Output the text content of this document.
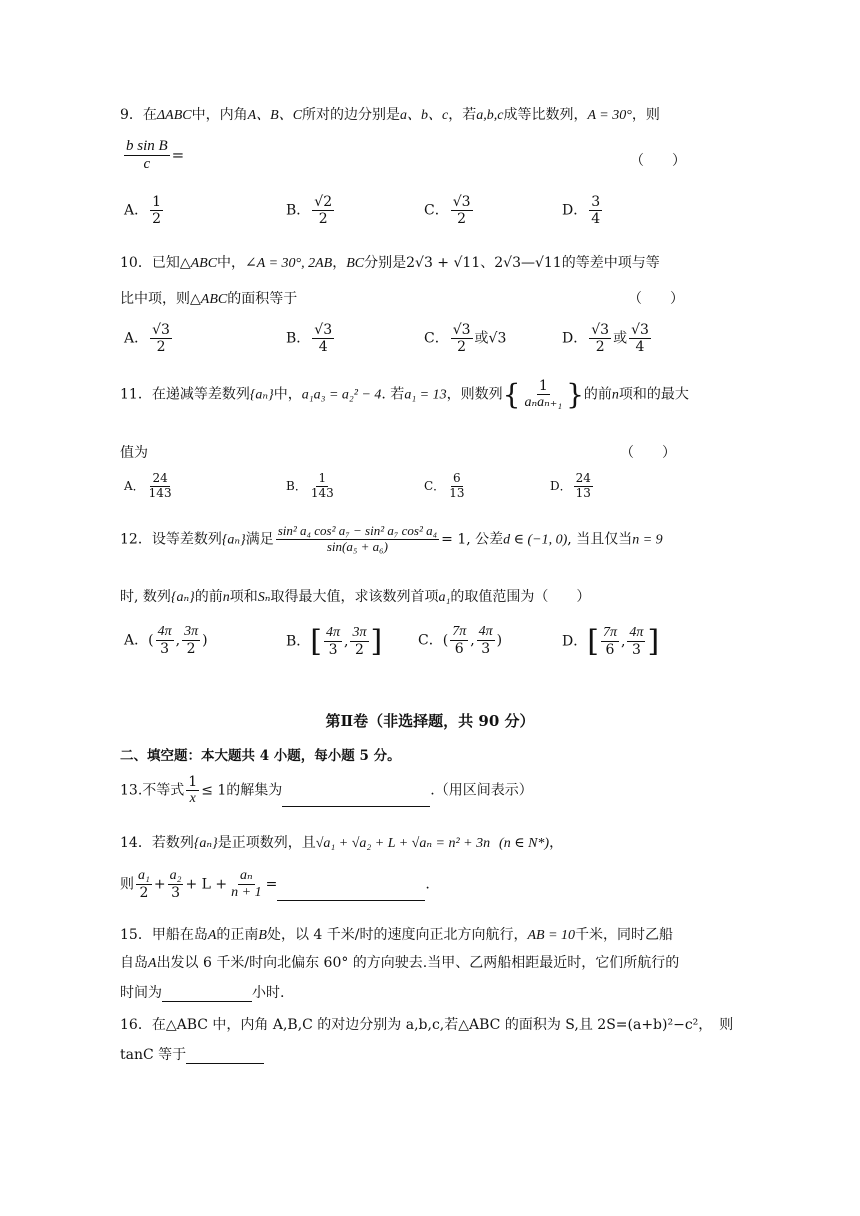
9．在ΔABC中，内角A、B、C所对的边分别是a、b、c，若a,b,c成等比数列，A = 30°，则
$\frac{\text{b sin B}}{c}$ =	（　　）
A． $\frac{1}{2}$	B． $\frac{√2}{2}$	C． $\frac{√3}{2}$	D． $\frac{3}{4}$
10．已知△ABC中，∠A = 30°, 2AB，BC分别是2√3 + √11、2√3—√11的等差中项与等
比中项，则△ABC的面积等于	（　　）
A． $\frac{√3}{2}$	B． $\frac{√3}{4}$	C． $\frac{√3}{2}$ 或√3	D． $\frac{√3}{2}$ 或 $\frac{√3}{4}$
11．在递减等差数列{aₙ}中，a₁a₃ = a₂² − 4. 若a₁ = 13，则数列{ $\frac{1}{\text{aₙaₙ₊₁}}$ }的前n项和的最大
值为	（　　）
A． $\frac{24}{143}$	B． $\frac{1}{143}$	C． $\frac{6}{13}$	D． $\frac{24}{13}$
12．设等差数列{aₙ}满足 $\frac{\text{sin² a₄ cos² a₇ − sin² a₇ cos² a₄}}{\text{sin(a₅ + a₆)}} = 1$, 公差d ∈ (−1, 0), 当且仅当n = 9
时, 数列{aₙ}的前n项和Sₙ取得最大值，求该数列首项a₁的取值范围为（　　）
A．( $\frac{4\pi}{3}$ , $\frac{3\pi}{2}$ )	B．[ $\frac{4\pi}{3}$ , $\frac{3\pi}{2}$ ]	C．( $\frac{7\pi}{6}$ , $\frac{4\pi}{3}$ )	D．[ $\frac{7\pi}{6}$ , $\frac{4\pi}{3}$ ]
第Ⅱ卷（非选择题，共 90 分）
二、填空题：本大题共 4 小题，每小题 5 分。
13.不等式 $\frac{1}{x} \le 1$的解集为	.（用区间表示）
14．若数列{aₙ}是正项数列，且√a₁ + √a₂ + L + √aₙ = n² + 3n (n ∈ N*)，
则 $\frac{\text{a₁}}{2} + \frac{\text{a₂}}{3} + L + \frac{\text{aₙ}}{n + 1}$ =	.
15．甲船在岛A的正南B处，以 4 千米/时的速度向正北方向航行，AB = 10千米，同时乙船
自岛A出发以 6 千米/时向北偏东 60° 的方向驶去.当甲、乙两船相距最近时，它们所航行的
时间为	小时.
16．在△ABC 中，内角 A,B,C 的对边分别为 a,b,c,若△ABC 的面积为 S,且 2S=(a+b)²−c²，　则
tanC 等于
